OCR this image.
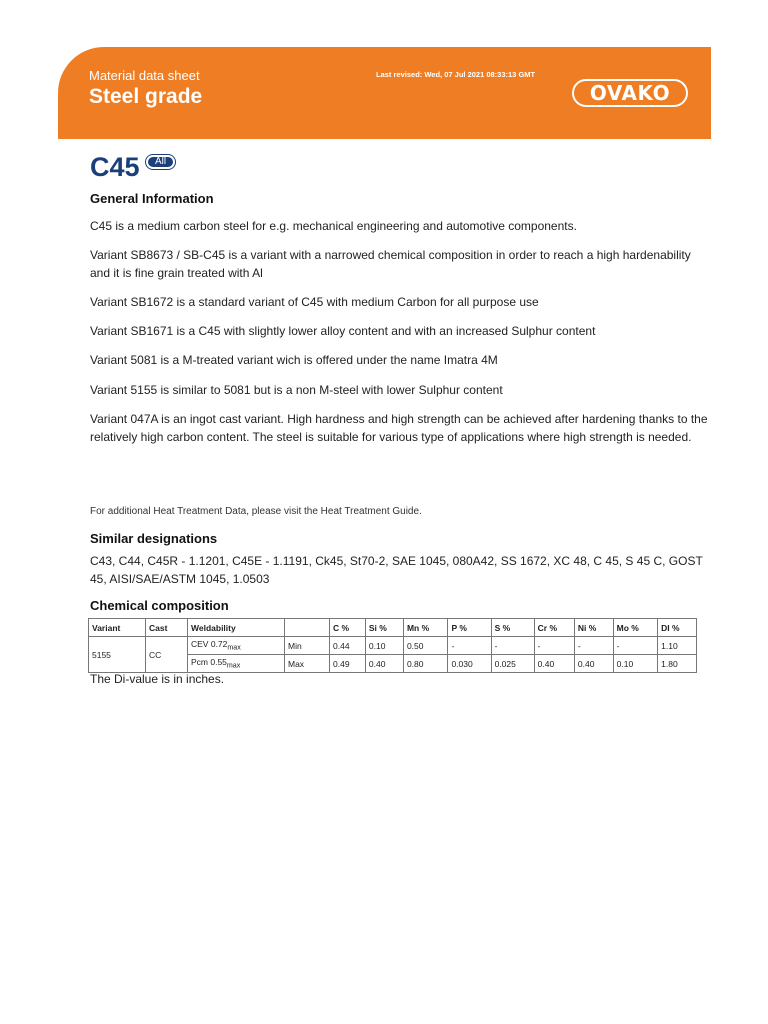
Material data sheet
Steel grade
Last revised: Wed, 07 Jul 2021 08:33:13 GMT
OVAKO
C45	All
General Information

C45 is a medium carbon steel for e.g. mechanical engineering and automotive components.

Variant SB8673 / SB-C45 is a variant with a narrowed chemical composition in order to reach a high hardenability and it is fine grain treated with Al

Variant SB1672 is a standard variant of C45 with medium Carbon for all purpose use

Variant SB1671 is a C45 with slightly lower alloy content and with an increased Sulphur content

Variant 5081 is a M-treated variant wich is offered under the name Imatra 4M

Variant 5155 is similar to 5081 but is a non M-steel with lower Sulphur content

Variant 047A is an ingot cast variant. High hardness and high strength can be achieved after hardening thanks to the relatively high carbon content. The steel is suitable for various type of applications where high strength is needed.

For additional Heat Treatment Data, please visit the Heat Treatment Guide.
Similar designations

C43, C44, C45R - 1.1201, C45E - 1.1191, Ck45, St70-2, SAE 1045, 080A42, SS 1672, XC 48, C 45, S 45 C, GOST 45, AISI/SAE/ASTM 1045, 1.0503

Chemical composition
Variant	Cast	Weldability		C %	Si %	Mn %	P %	S %	Cr %	Ni %	Mo %	DI %
5155	CC	CEV $0.72_{max}$	Min	0.44	0.10	0.50	-	-	-	-	-	1.10
		Pcm $0.55_{max}$	Max	0.49	0.40	0.80	0.030	0.025	0.40	0.40	0.10	1.80
The Di-value is in inches.
